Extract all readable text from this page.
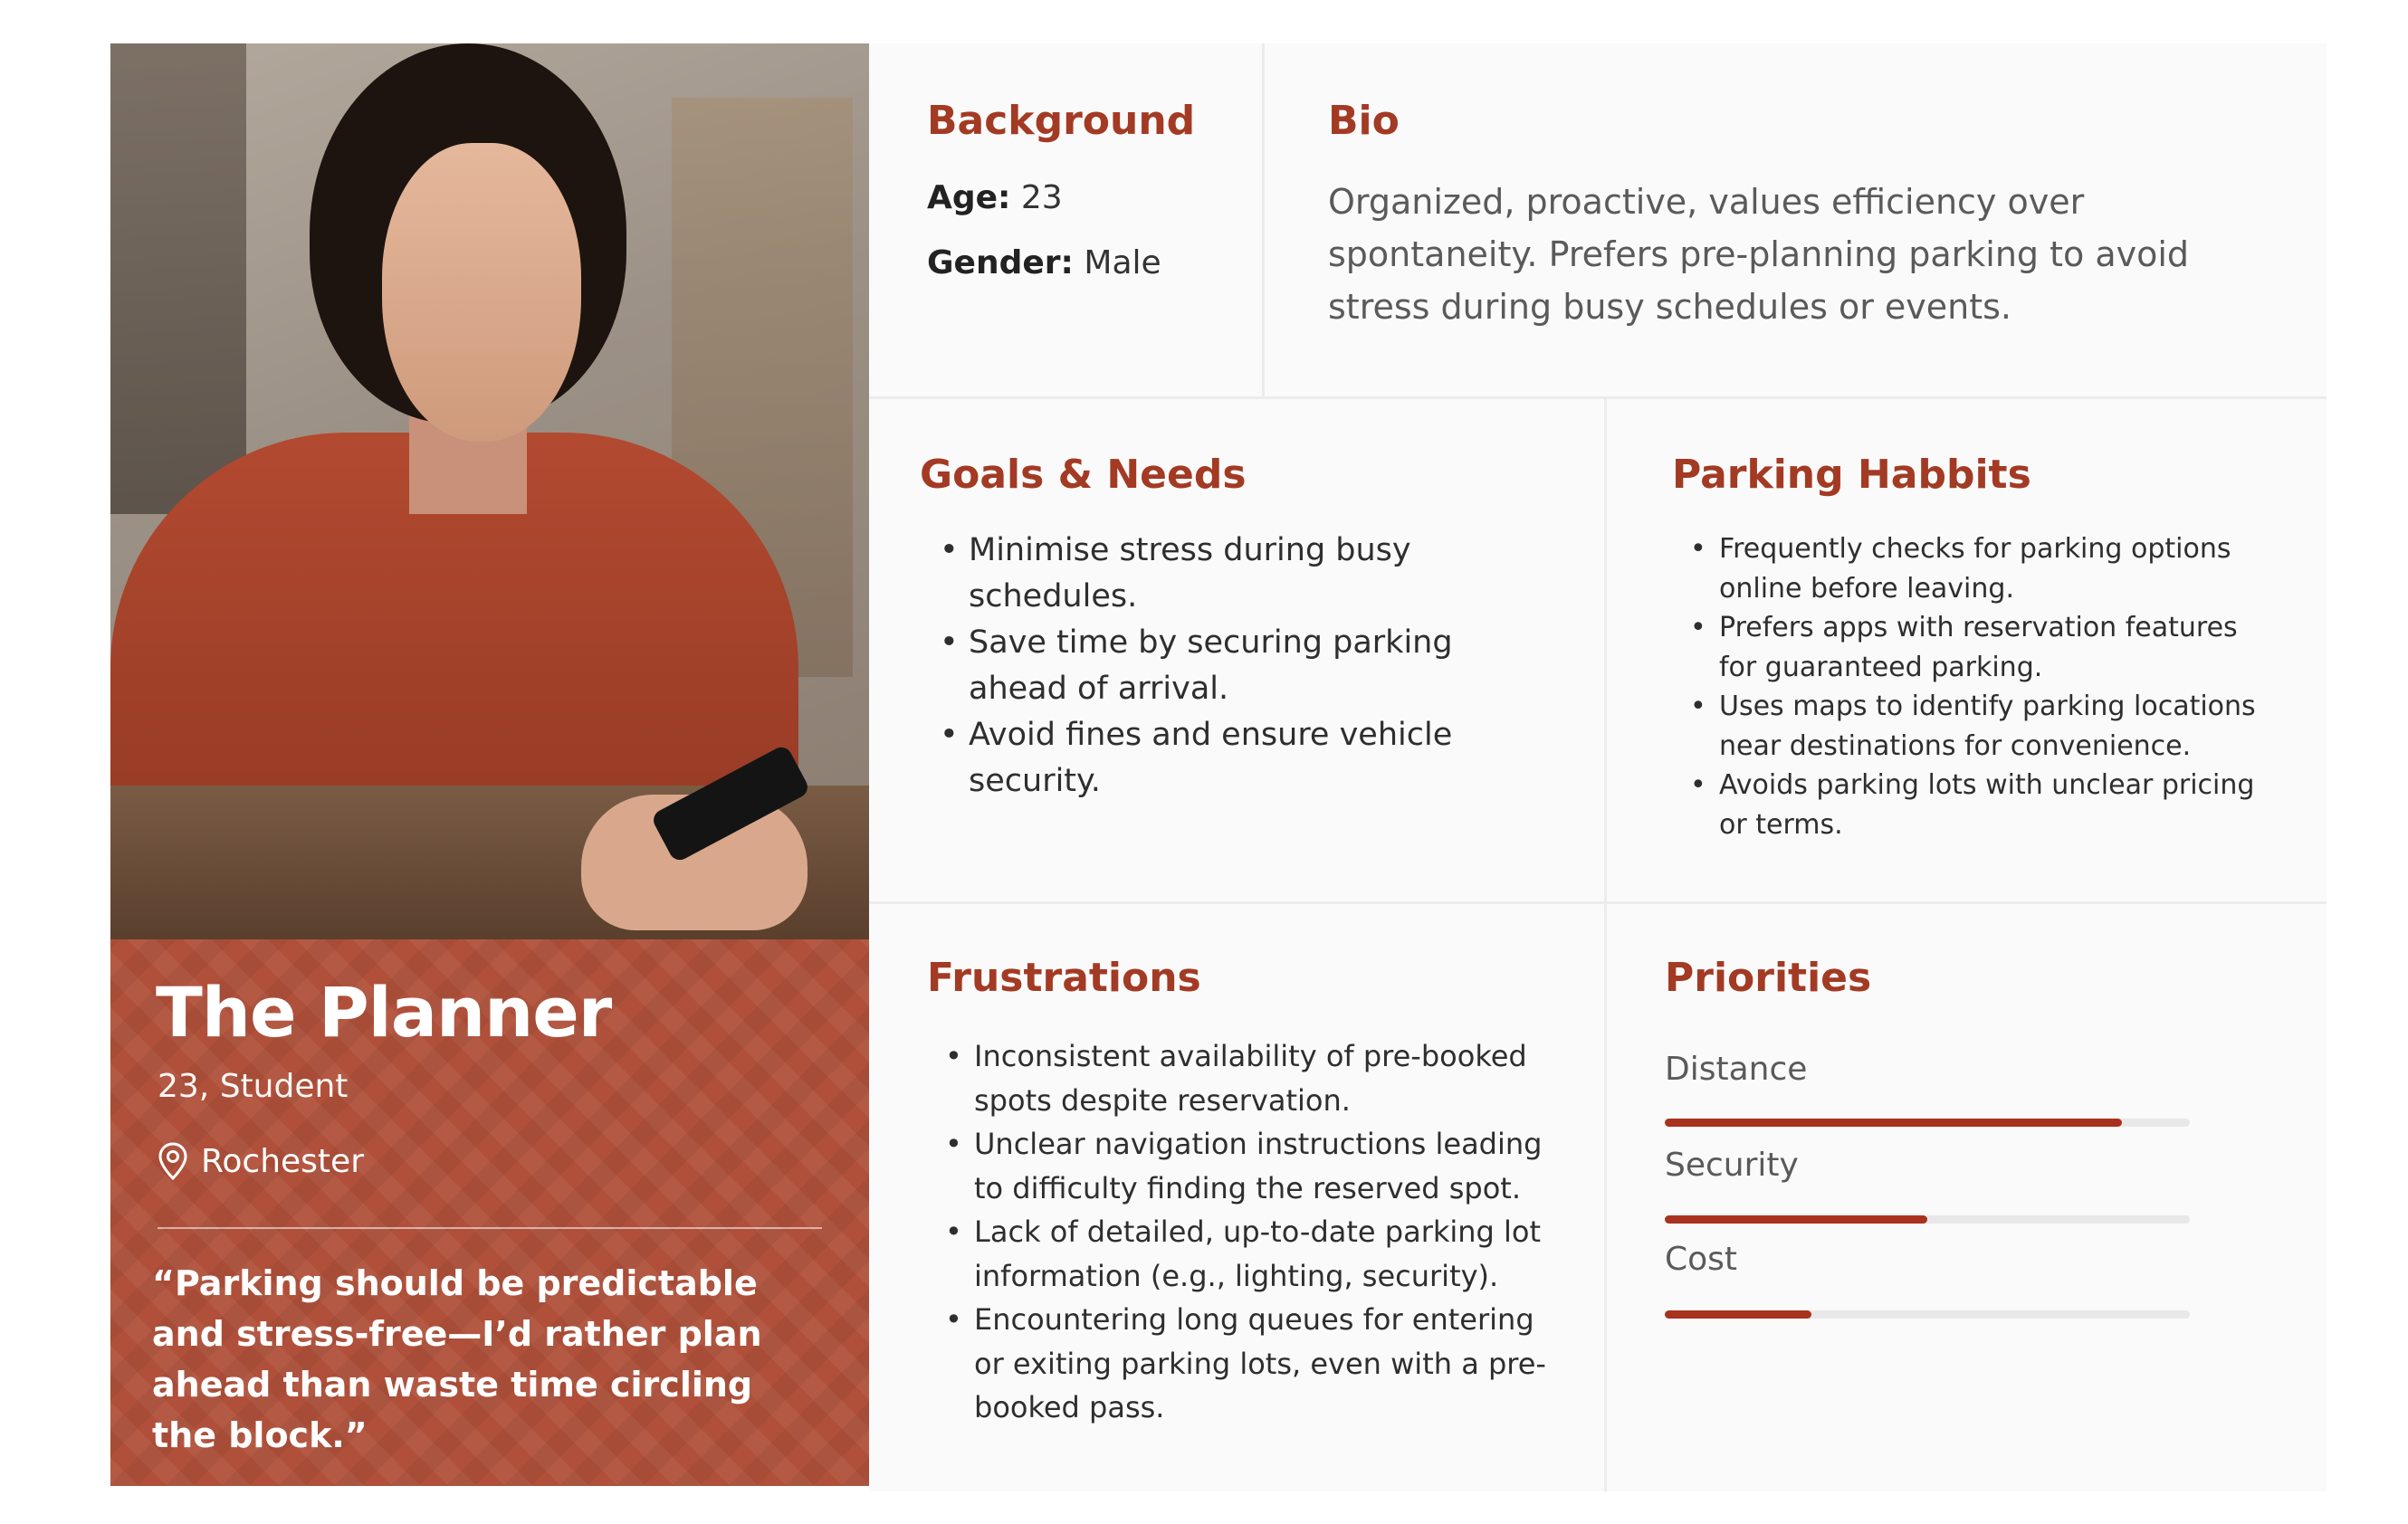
The Planner
23, Student
Rochester
“Parking should be predictable and stress-free—I’d rather plan ahead than waste time circling the block.”
Background
Age: 23
Gender: Male
Bio
Organized, proactive, values efficiency over spontaneity. Prefers pre-planning parking to avoid stress during busy schedules or events.
Goals & Needs
• Minimise stress during busy schedules.
• Save time by securing parking ahead of arrival.
• Avoid fines and ensure vehicle security.
Parking Habbits
• Frequently checks for parking options online before leaving.
• Prefers apps with reservation features for guaranteed parking.
• Uses maps to identify parking locations near destinations for convenience.
• Avoids parking lots with unclear pricing or terms.
Frustrations
• Inconsistent availability of pre-booked spots despite reservation.
• Unclear navigation instructions leading to difficulty finding the reserved spot.
• Lack of detailed, up-to-date parking lot information (e.g., lighting, security).
• Encountering long queues for entering or exiting parking lots, even with a pre-booked pass.
Priorities
Distance
Security
Cost
